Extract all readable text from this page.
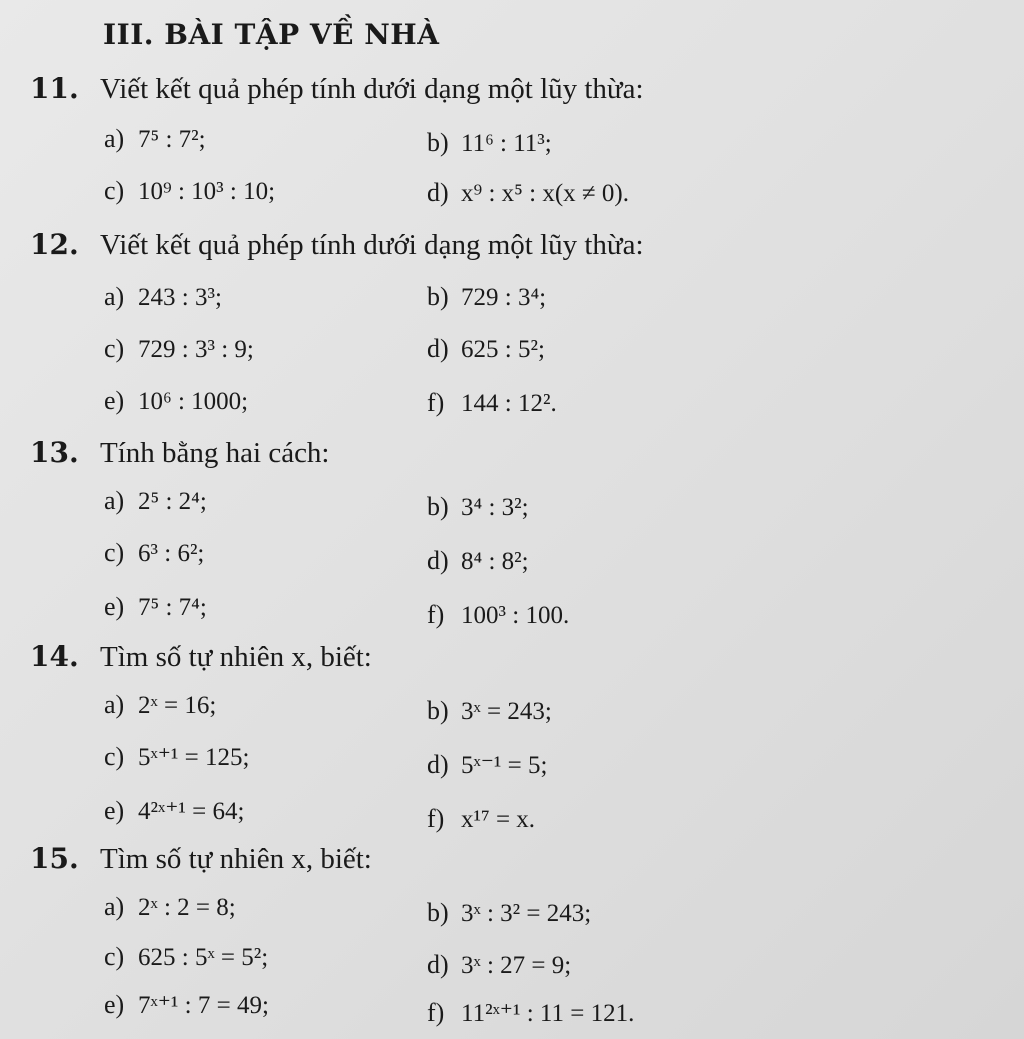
III. BÀI TẬP VỀ NHÀ
11. Viết kết quả phép tính dưới dạng một lũy thừa:
a) 7⁵ : 7²;	b) 11⁶ : 11³;
c) 10⁹ : 10³ : 10;	d) x⁹ : x⁵ : x(x ≠ 0).
12. Viết kết quả phép tính dưới dạng một lũy thừa:
a) 243 : 3³;	b) 729 : 3⁴;
c) 729 : 3³ : 9;	d) 625 : 5²;
e) 10⁶ : 1000;	f) 144 : 12².
13. Tính bằng hai cách:
a) 2⁵ : 2⁴;	b) 3⁴ : 3²;
c) 6³ : 6²;	d) 8⁴ : 8²;
e) 7⁵ : 7⁴;	f) 100³ : 100.
14. Tìm số tự nhiên x, biết:
a) 2ˣ = 16;	b) 3ˣ = 243;
c) 5ˣ⁺¹ = 125;	d) 5ˣ⁻¹ = 5;
e) 4²ˣ⁺¹ = 64;	f) x¹⁷ = x.
15. Tìm số tự nhiên x, biết:
a) 2ˣ : 2 = 8;	b) 3ˣ : 3² = 243;
c) 625 : 5ˣ = 5²;	d) 3ˣ : 27 = 9;
e) 7ˣ⁺¹ : 7 = 49;	f) 11²ˣ⁺¹ : 11 = 121.
